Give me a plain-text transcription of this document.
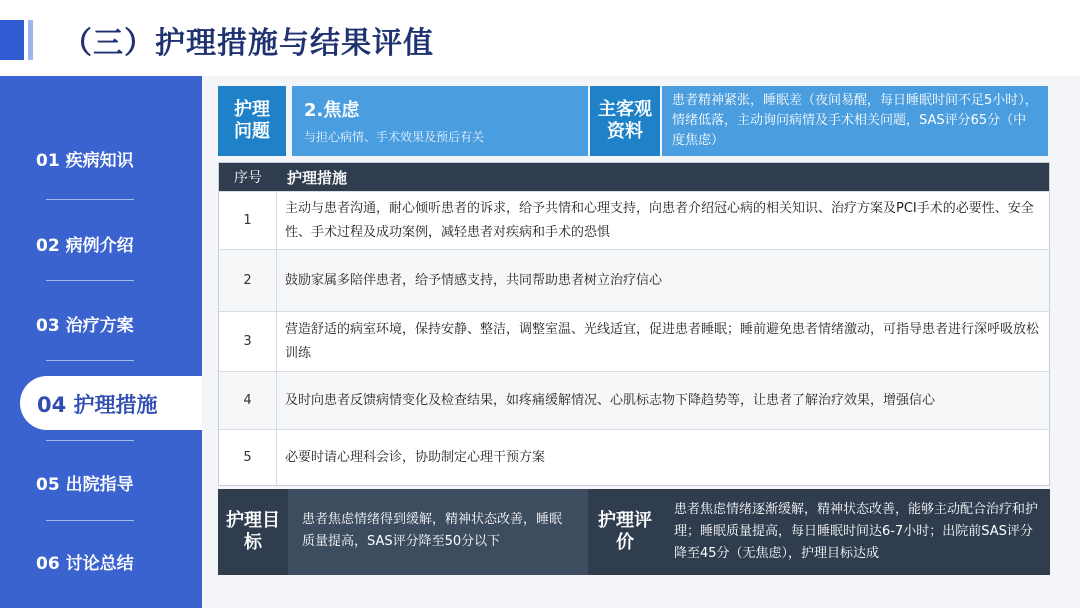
（三）护理措施与结果评值
01 疾病知识
02 病例介绍
03 治疗方案
04 护理措施
05 出院指导
06 讨论总结
护理问题
2.焦虑
与担心病情、手术效果及预后有关
主客观资料
患者精神紧张，睡眠差（夜间易醒，每日睡眠时间不足5小时），情绪低落，主动询问病情及手术相关问题，SAS评分65分（中度焦虑）
序号	护理措施
1
主动与患者沟通，耐心倾听患者的诉求，给予共情和心理支持，向患者介绍冠心病的相关知识、治疗方案及PCI手术的必要性、安全性、手术过程及成功案例，减轻患者对疾病和手术的恐惧
2	鼓励家属多陪伴患者，给予情感支持，共同帮助患者树立治疗信心
3
营造舒适的病室环境，保持安静、整洁，调整室温、光线适宜，促进患者睡眠；睡前避免患者情绪激动，可指导患者进行深呼吸放松训练
4	及时向患者反馈病情变化及检查结果，如疼痛缓解情况、心肌标志物下降趋势等，让患者了解治疗效果，增强信心
5	必要时请心理科会诊，协助制定心理干预方案
护理目标
患者焦虑情绪得到缓解，精神状态改善，睡眠质量提高，SAS评分降至50分以下
护理评价
患者焦虑情绪逐渐缓解，精神状态改善，能够主动配合治疗和护理；睡眠质量提高，每日睡眠时间达6-7小时；出院前SAS评分降至45分（无焦虑），护理目标达成
